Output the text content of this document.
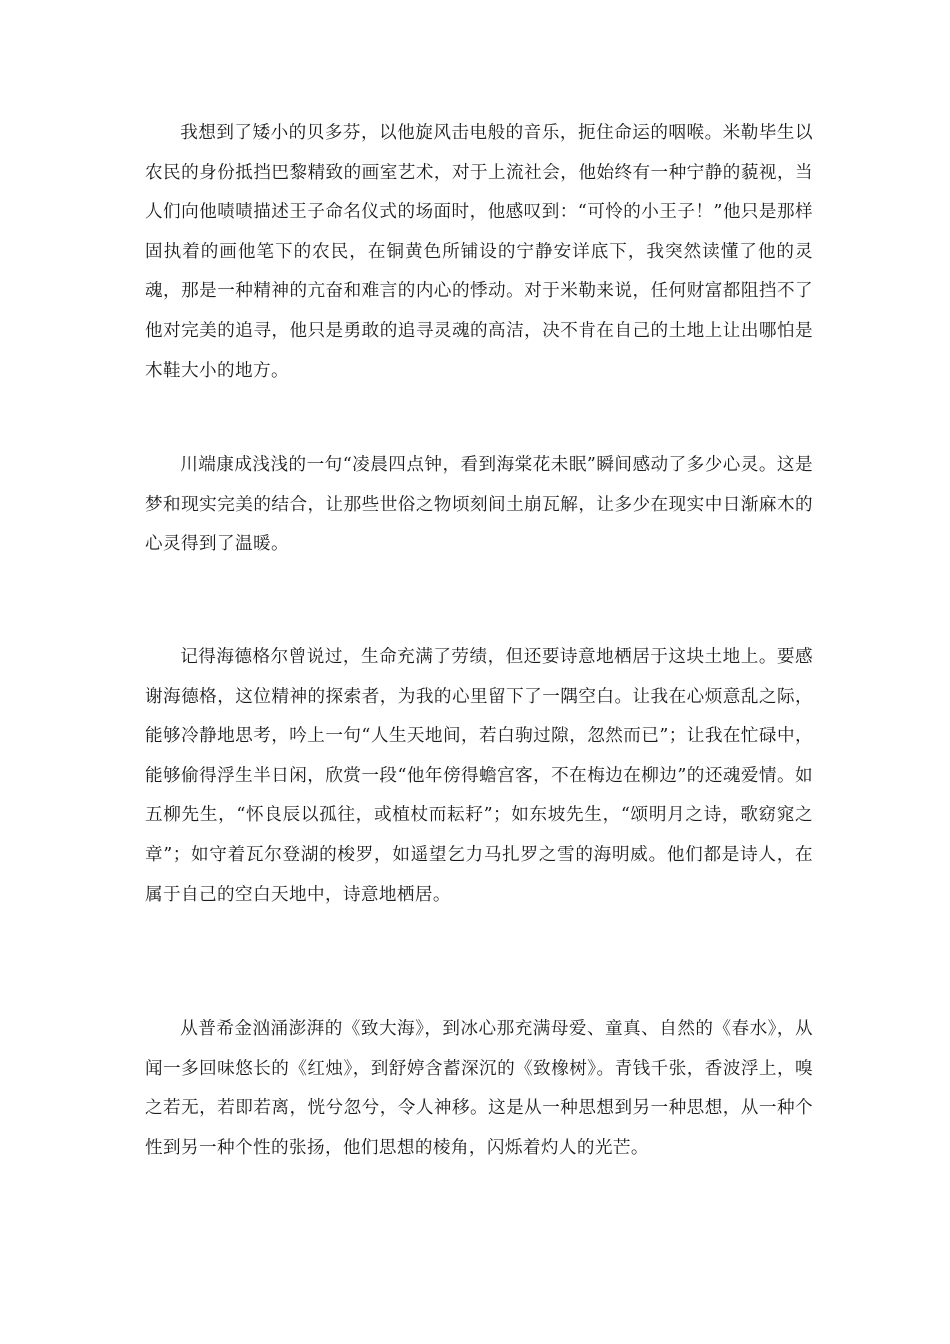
我想到了矮小的贝多芬，以他旋风击电般的音乐，扼住命运的咽喉。米勒毕生以农民的身份抵挡巴黎精致的画室艺术，对于上流社会，他始终有一种宁静的藐视，当人们向他啧啧描述王子命名仪式的场面时，他感叹到：“可怜的小王子！”他只是那样固执着的画他笔下的农民，在铜黄色所铺设的宁静安详底下，我突然读懂了他的灵魂，那是一种精神的亢奋和难言的内心的悸动。对于米勒来说，任何财富都阻挡不了他对完美的追寻，他只是勇敢的追寻灵魂的高洁，决不肯在自己的土地上让出哪怕是木鞋大小的地方。

川端康成浅浅的一句“凌晨四点钟，看到海棠花未眠”瞬间感动了多少心灵。这是梦和现实完美的结合，让那些世俗之物顷刻间土崩瓦解，让多少在现实中日渐麻木的心灵得到了温暖。

记得海德格尔曾说过，生命充满了劳绩，但还要诗意地栖居于这块土地上。要感谢海德格，这位精神的探索者，为我的心里留下了一隅空白。让我在心烦意乱之际，能够冷静地思考，吟上一句“人生天地间，若白驹过隙，忽然而已”；让我在忙碌中，能够偷得浮生半日闲，欣赏一段“他年傍得蟾宫客，不在梅边在柳边”的还魂爱情。如五柳先生，“怀良辰以孤往，或植杖而耘耔”；如东坡先生，“颂明月之诗，歌窈窕之章”；如守着瓦尔登湖的梭罗，如遥望乞力马扎罗之雪的海明威。他们都是诗人，在属于自己的空白天地中，诗意地栖居。

从普希金汹涌澎湃的《致大海》，到冰心那充满母爱、童真、自然的《春水》，从闻一多回味悠长的《红烛》，到舒婷含蓄深沉的《致橡树》。青钱千张，香波浮上，嗅之若无，若即若离，恍兮忽兮，令人神移。这是从一种思想到另一种思想，从一种个性到另一种个性的张扬，他们思想的棱角，闪烁着灼人的光芒。
